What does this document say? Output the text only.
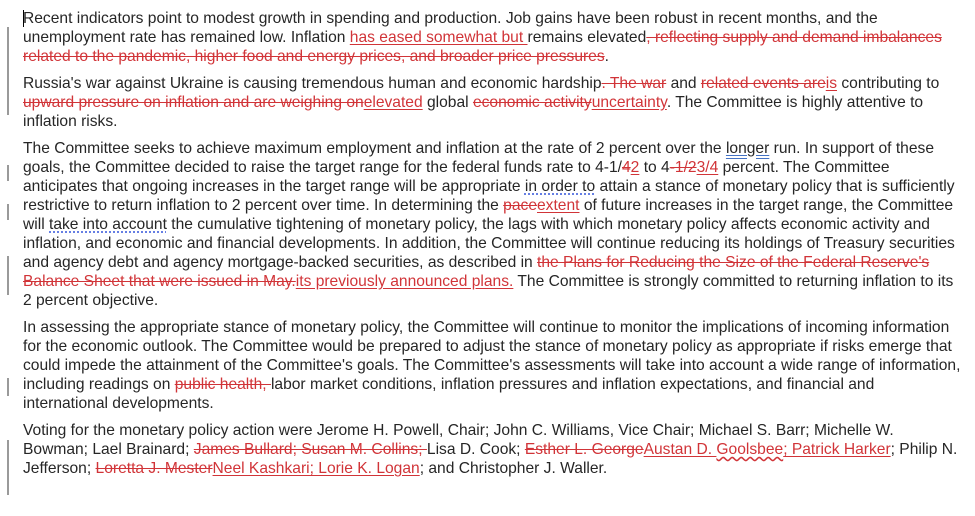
Recent indicators point to modest growth in spending and production. Job gains have been robust in recent months, and the unemployment rate has remained low. Inflation has eased somewhat but remains elevated, reflecting supply and demand imbalances related to the pandemic, higher food and energy prices, and broader price pressures.

Russia's war against Ukraine is causing tremendous human and economic hardship. The war and related events areis contributing to upward pressure on inflation and are weighing onelevated global economic activityuncertainty. The Committee is highly attentive to inflation risks.

The Committee seeks to achieve maximum employment and inflation at the rate of 2 percent over the longer run. In support of these goals, the Committee decided to raise the target range for the federal funds rate to 4-1/42 to 4-1/23/4 percent. The Committee anticipates that ongoing increases in the target range will be appropriate in order to attain a stance of monetary policy that is sufficiently restrictive to return inflation to 2 percent over time. In determining the paceextent of future increases in the target range, the Committee will take into account the cumulative tightening of monetary policy, the lags with which monetary policy affects economic activity and inflation, and economic and financial developments. In addition, the Committee will continue reducing its holdings of Treasury securities and agency debt and agency mortgage-backed securities, as described in the Plans for Reducing the Size of the Federal Reserve's Balance Sheet that were issued in May.its previously announced plans. The Committee is strongly committed to returning inflation to its 2 percent objective.

In assessing the appropriate stance of monetary policy, the Committee will continue to monitor the implications of incoming information for the economic outlook. The Committee would be prepared to adjust the stance of monetary policy as appropriate if risks emerge that could impede the attainment of the Committee's goals. The Committee's assessments will take into account a wide range of information, including readings on public health, labor market conditions, inflation pressures and inflation expectations, and financial and international developments.

Voting for the monetary policy action were Jerome H. Powell, Chair; John C. Williams, Vice Chair; Michael S. Barr; Michelle W. Bowman; Lael Brainard; James Bullard; Susan M. Collins; Lisa D. Cook; Esther L. GeorgeAustan D. Goolsbee; Patrick Harker; Philip N. Jefferson; Loretta J. MesterNeel Kashkari; Lorie K. Logan; and Christopher J. Waller.
